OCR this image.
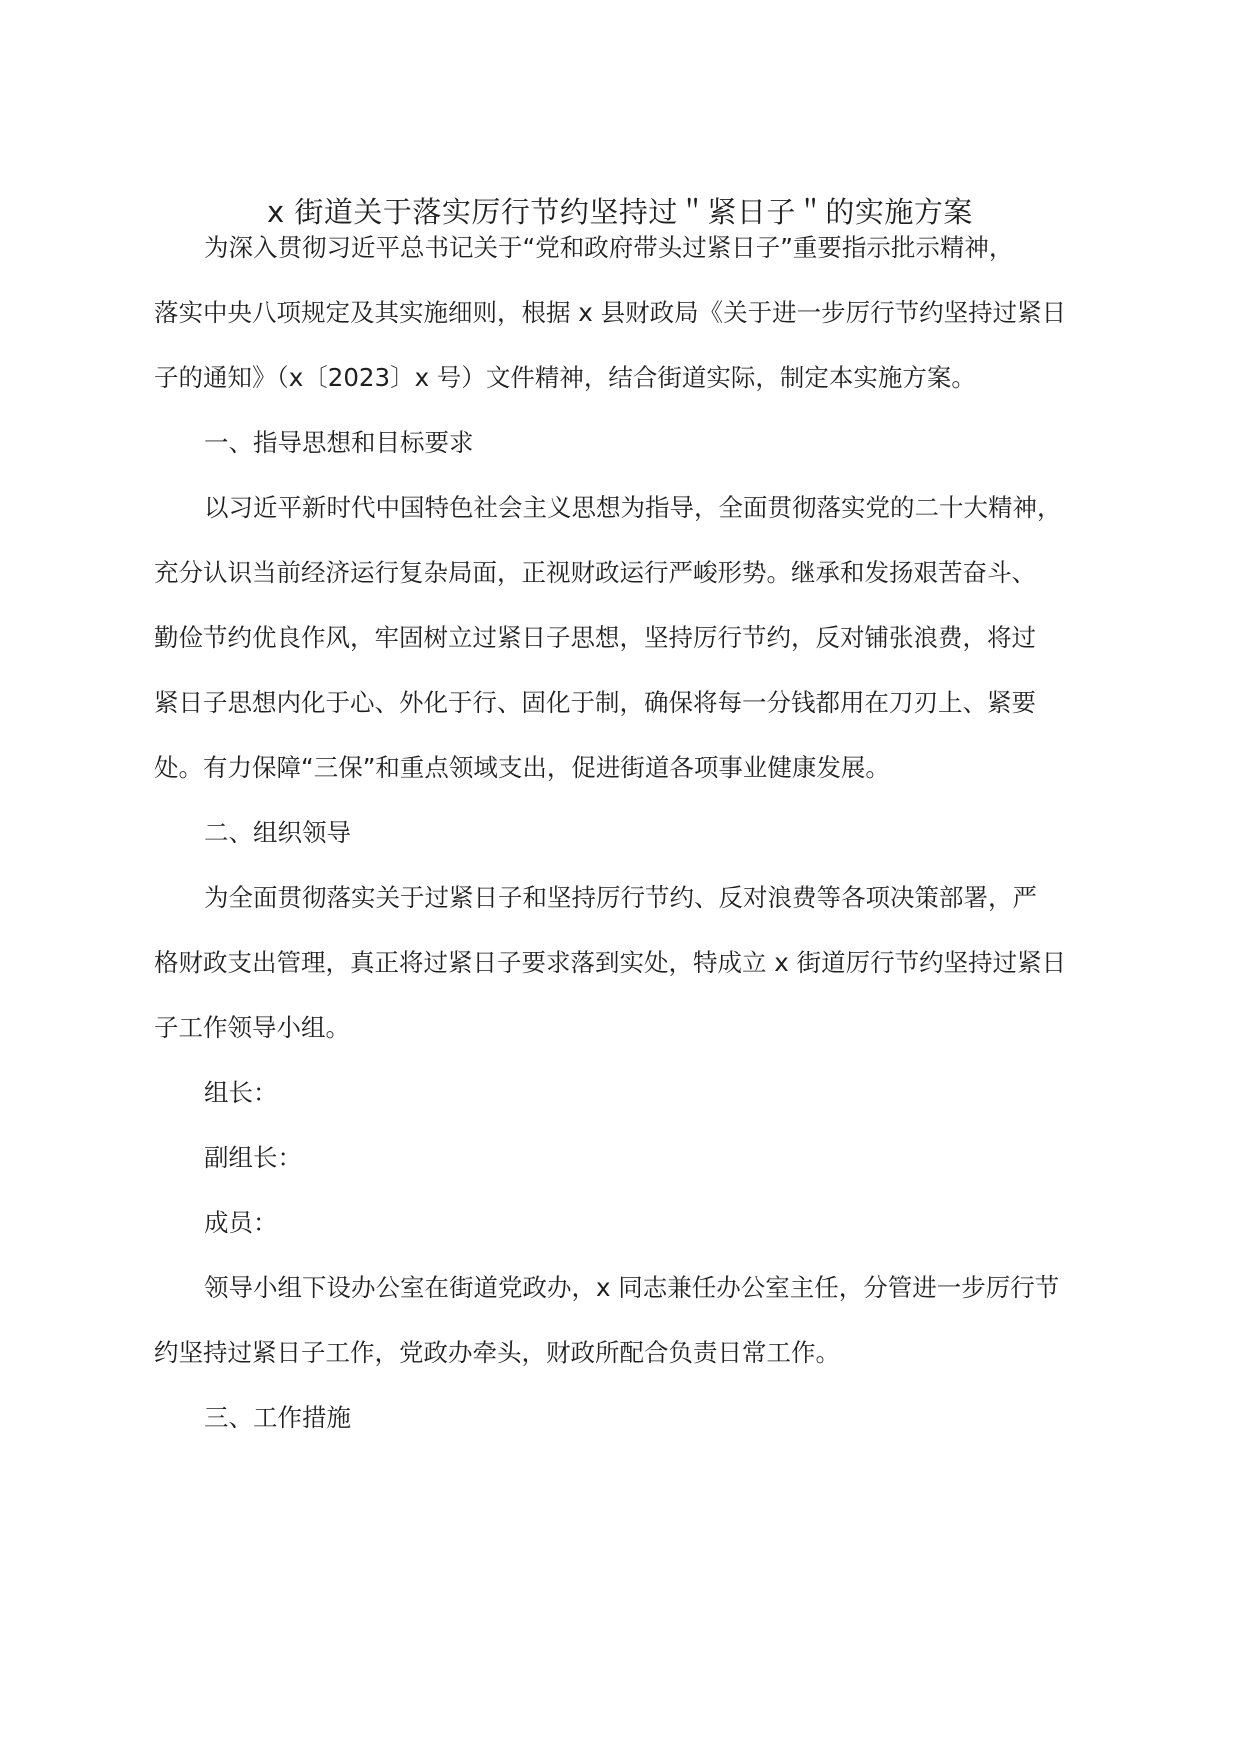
x 街道关于落实厉行节约坚持过＂紧日子＂的实施方案
为深入贯彻习近平总书记关于“党和政府带头过紧日子”重要指示批示精神，
落实中央八项规定及其实施细则，根据 x 县财政局《关于进一步厉行节约坚持过紧日
子的通知》（x〔2023〕x 号）文件精神，结合街道实际，制定本实施方案。
一、指导思想和目标要求
以习近平新时代中国特色社会主义思想为指导，全面贯彻落实党的二十大精神，
充分认识当前经济运行复杂局面，正视财政运行严峻形势。继承和发扬艰苦奋斗、
勤俭节约优良作风，牢固树立过紧日子思想，坚持厉行节约，反对铺张浪费，将过
紧日子思想内化于心、外化于行、固化于制，确保将每一分钱都用在刀刃上、紧要
处。有力保障“三保”和重点领域支出，促进街道各项事业健康发展。
二、组织领导
为全面贯彻落实关于过紧日子和坚持厉行节约、反对浪费等各项决策部署，严
格财政支出管理，真正将过紧日子要求落到实处，特成立 x 街道厉行节约坚持过紧日
子工作领导小组。
组长：
副组长：
成员：
领导小组下设办公室在街道党政办，x 同志兼任办公室主任，分管进一步厉行节
约坚持过紧日子工作，党政办牵头，财政所配合负责日常工作。
三、工作措施
